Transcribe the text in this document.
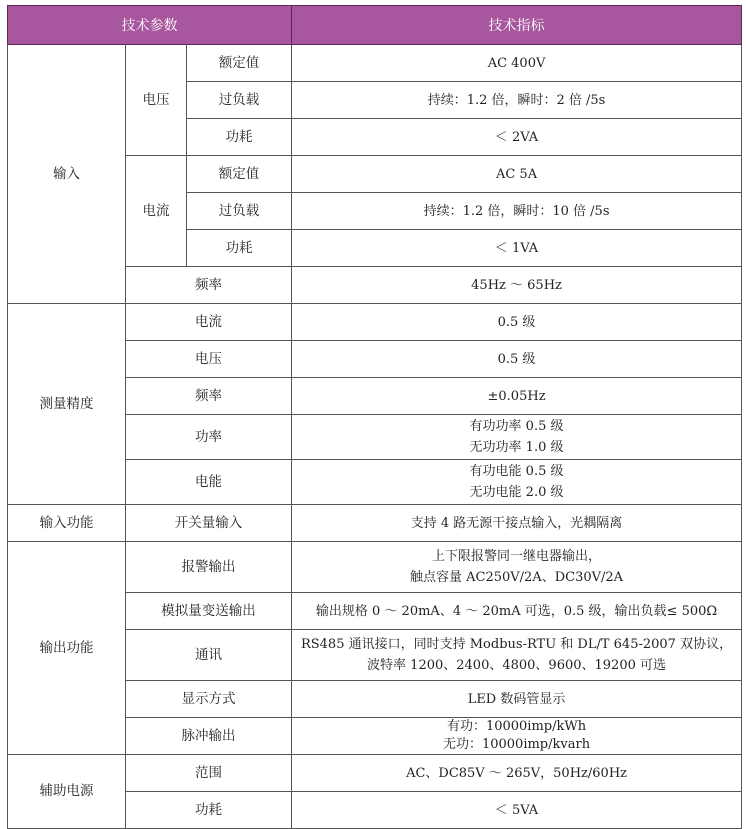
技术参数			技术指标
输入	电压	额定值	AC 400V
		过负载	持续：1.2 倍，瞬时：2 倍 /5s
		功耗	＜ 2VA
	电流	额定值	AC 5A
		过负载	持续：1.2 倍，瞬时：10 倍 /5s
		功耗	＜ 1VA
	频率		45Hz ～ 65Hz
测量精度	电流		0.5 级
	电压		0.5 级
	频率		±0.05Hz
	功率		有功功率 0.5 级
无功功率 1.0 级

	电能		有功电能 0.5 级
无功电能 2.0 级

输入功能	开关量输入		支持 4 路无源干接点输入，光耦隔离
输出功能	报警输出		上下限报警同一继电器输出，
触点容量 AC250V/2A、DC30V/2A

	模拟量变送输出		输出规格 0 ～ 20mA、4 ～ 20mA 可选，0.5 级，输出负载≤ 500Ω
	通讯		RS485 通讯接口，同时支持 Modbus-RTU 和 DL/T 645-2007 双协议，
波特率 1200、2400、4800、9600、19200 可选

	显示方式		LED 数码管显示
	脉冲输出		有功：10000imp/kWh
无功：10000imp/kvarh

辅助电源	范围		AC、DC85V ～ 265V，50Hz/60Hz
	功耗		＜ 5VA
